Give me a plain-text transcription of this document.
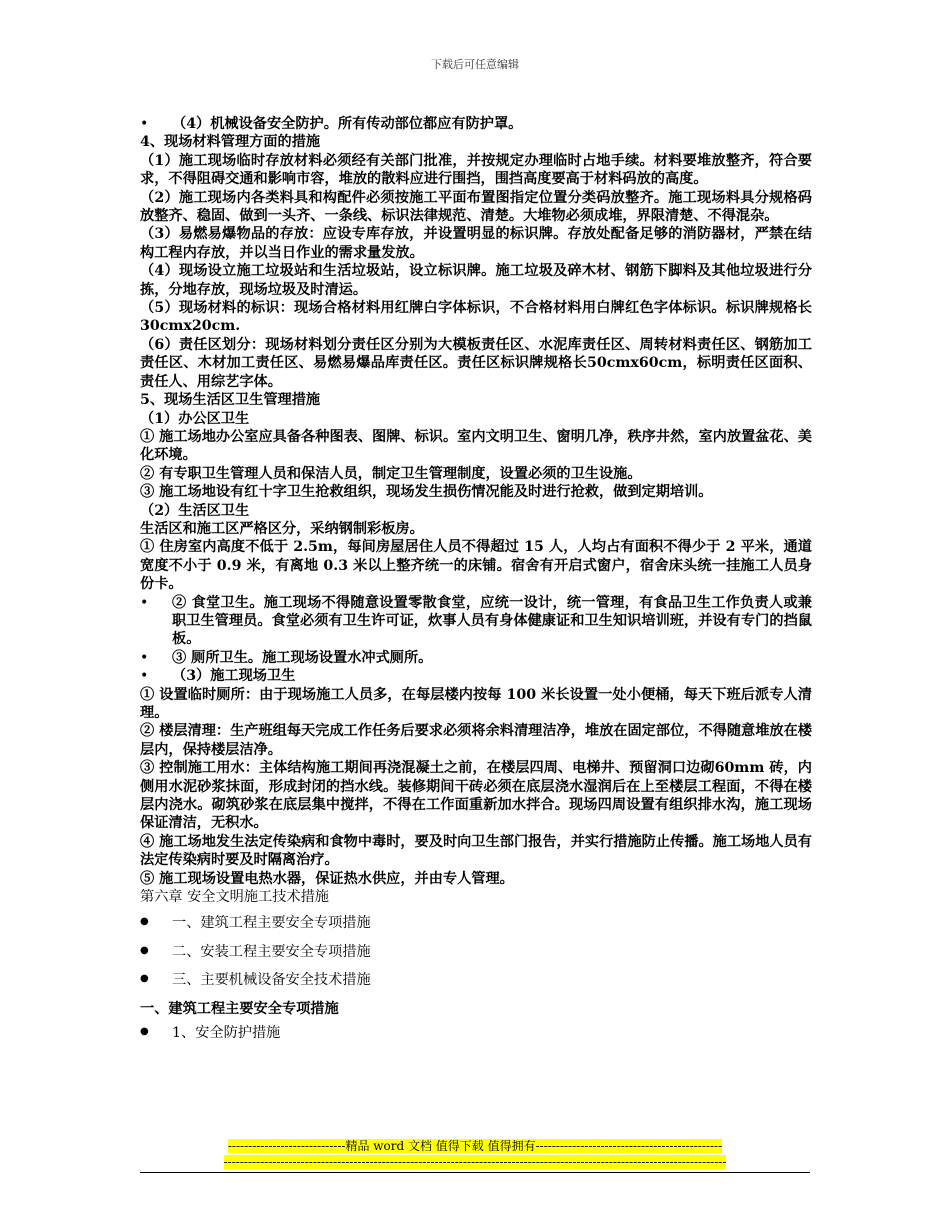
下载后可任意编辑

• （4）机械设备安全防护。所有传动部位都应有防护罩。

4、现场材料管理方面的措施

（1）施工现场临时存放材料必须经有关部门批准，并按规定办理临时占地手续。材料要堆放整齐，符合要求，不得阻碍交通和影响市容，堆放的散料应进行围挡，围挡高度要高于材料码放的高度。

（2）施工现场内各类料具和构配件必须按施工平面布置图指定位置分类码放整齐。施工现场料具分规格码放整齐、稳固、做到一头齐、一条线、标识法律规范、清楚。大堆物必须成堆，界限清楚、不得混杂。

（3）易燃易爆物品的存放：应设专库存放，并设置明显的标识牌。存放处配备足够的消防器材，严禁在结构工程内存放，并以当日作业的需求量发放。

（4）现场设立施工垃圾站和生活垃圾站，设立标识牌。施工垃圾及碎木材、钢筋下脚料及其他垃圾进行分拣，分地存放，现场垃圾及时清运。

（5）现场材料的标识：现场合格材料用红牌白字体标识，不合格材料用白牌红色字体标识。标识牌规格长 30cmx20cm.

（6）责任区划分：现场材料划分责任区分别为大模板责任区、水泥库责任区、周转材料责任区、钢筋加工责任区、木材加工责任区、易燃易爆品库责任区。责任区标识牌规格长50cmx60cm，标明责任区面积、责任人、用综艺字体。

5、现场生活区卫生管理措施

（1）办公区卫生

① 施工场地办公室应具备各种图表、图牌、标识。室内文明卫生、窗明几净，秩序井然，室内放置盆花、美化环境。

② 有专职卫生管理人员和保洁人员，制定卫生管理制度，设置必须的卫生设施。

③ 施工场地设有红十字卫生抢救组织，现场发生损伤情况能及时进行抢救，做到定期培训。

（2）生活区卫生

生活区和施工区严格区分，采纳钢制彩板房。

① 住房室内高度不低于 2.5m，每间房屋居住人员不得超过 15 人，人均占有面积不得少于 2 平米，通道宽度不小于 0.9 米，有离地 0.3 米以上整齐统一的床铺。宿舍有开启式窗户，宿舍床头统一挂施工人员身份卡。

• ② 食堂卫生。施工现场不得随意设置零散食堂，应统一设计，统一管理，有食品卫生工作负责人或兼职卫生管理员。食堂必须有卫生许可证，炊事人员有身体健康证和卫生知识培训班，并设有专门的挡鼠板。

• ③ 厕所卫生。施工现场设置水冲式厕所。

• （3）施工现场卫生

① 设置临时厕所：由于现场施工人员多，在每层楼内按每 100 米长设置一处小便桶，每天下班后派专人清理。

② 楼层清理：生产班组每天完成工作任务后要求必须将余料清理洁净，堆放在固定部位，不得随意堆放在楼层内，保持楼层洁净。

③ 控制施工用水：主体结构施工期间再浇混凝土之前，在楼层四周、电梯井、预留洞口边砌60mm 砖，内侧用水泥砂浆抹面，形成封闭的挡水线。装修期间干砖必须在底层浇水湿润后在上至楼层工程面，不得在楼层内浇水。砌筑砂浆在底层集中搅拌，不得在工作面重新加水拌合。现场四周设置有组织排水沟，施工现场保证清洁，无积水。

④ 施工场地发生法定传染病和食物中毒时，要及时向卫生部门报告，并实行措施防止传播。施工场地人员有法定传染病时要及时隔离治疗。

⑤ 施工现场设置电热水器，保证热水供应，并由专人管理。

第六章 安全文明施工技术措施

● 一、建筑工程主要安全专项措施

● 二、安装工程主要安全专项措施

● 三、主要机械设备安全技术措施

一、建筑工程主要安全专项措施

● 1、安全防护措施

-----------------------------精品 word 文档 值得下载 值得拥有----------------------------------------------
----------------------------------------------------------------------------------------------------------------------------
